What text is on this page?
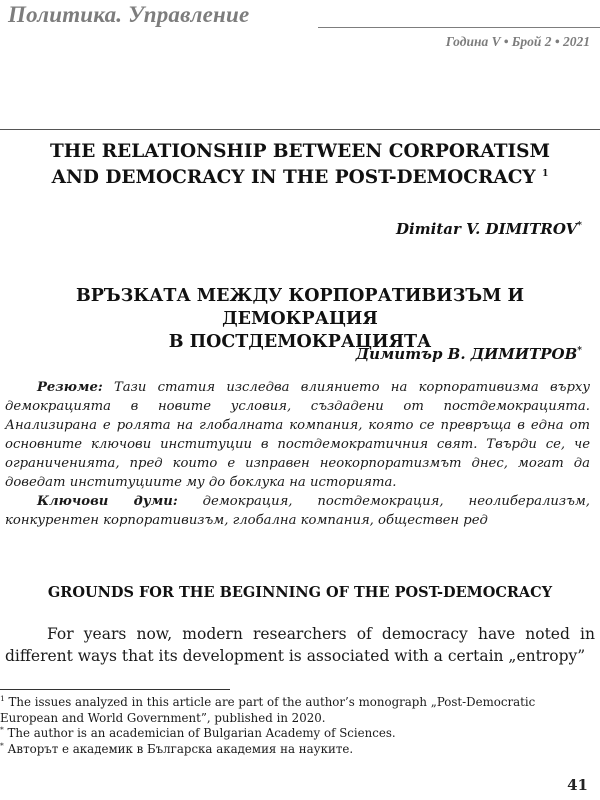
Политика. Управление
Година V • Брой 2 • 2021
THE RELATIONSHIP BETWEEN CORPORATISM
AND DEMOCRACY IN THE POST-DEMOCRACY $^1$
Dimitar V. DIMITROV*
ВРЪЗКАТА МЕЖДУ КОРПОРАТИВИЗЪМ И ДЕМОКРАЦИЯ
В ПОСТДЕМОКРАЦИЯТА
Димитър В. ДИМИТРОВ*

Резюме: Тази статия изследва влиянието на корпоративизма върху демокрацията в новите условия, създадени от постдемокрацията. Анализирана е ролята на глобалната компания, която се превръща в една от основните ключови институции в постдемократичния свят. Твърди се, че ограниченията, пред които е изправен неокорпоратизмът днес, могат да доведат институциите му до боклука на историята.

Ключови думи: демокрация, постдемокрация, неолиберализъм, конкурентен корпоративизъм, глобална компания, обществен ред

GROUNDS FOR THE BEGINNING OF THE POST-DEMOCRACY

For years now, modern researchers of democracy have noted in different ways that its development is associated with a certain „entropy”

$^1$ The issues analyzed in this article are part of the author’s monograph „Post-Democratic European and World Government”, published in 2020.

* The author is an academician of Bulgarian Academy of Sciences.

* Авторът е академик в Българска академия на науките.

41
